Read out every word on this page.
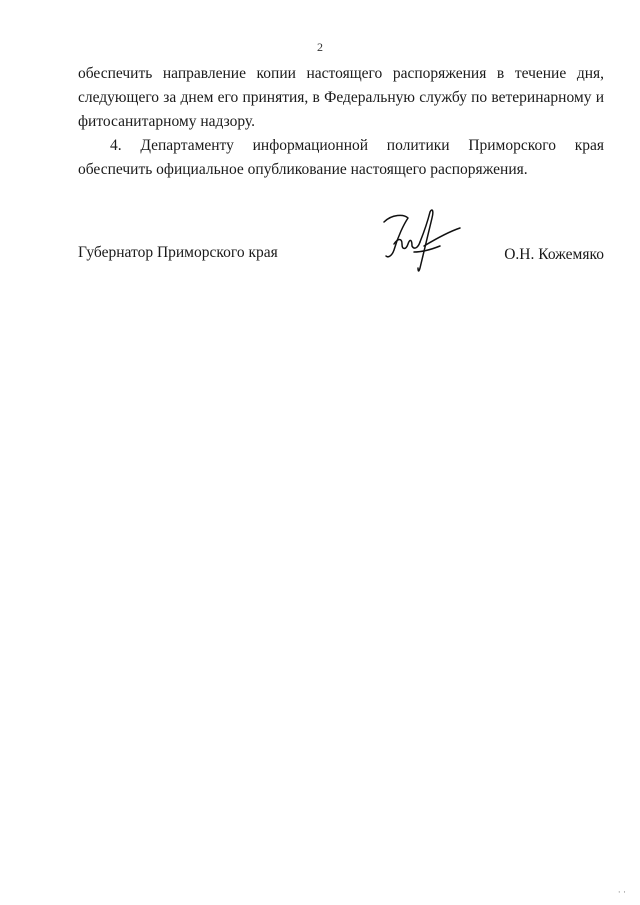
2
обеспечить направление копии настоящего распоряжения в течение дня,
следующего за днем его принятия, в Федеральную службу по ветеринарному и
фитосанитарному надзору.
4. Департаменту информационной политики Приморского края
обеспечить официальное опубликование настоящего распоряжения.
Губернатор Приморского края	О.Н. Кожемяко
· ·
